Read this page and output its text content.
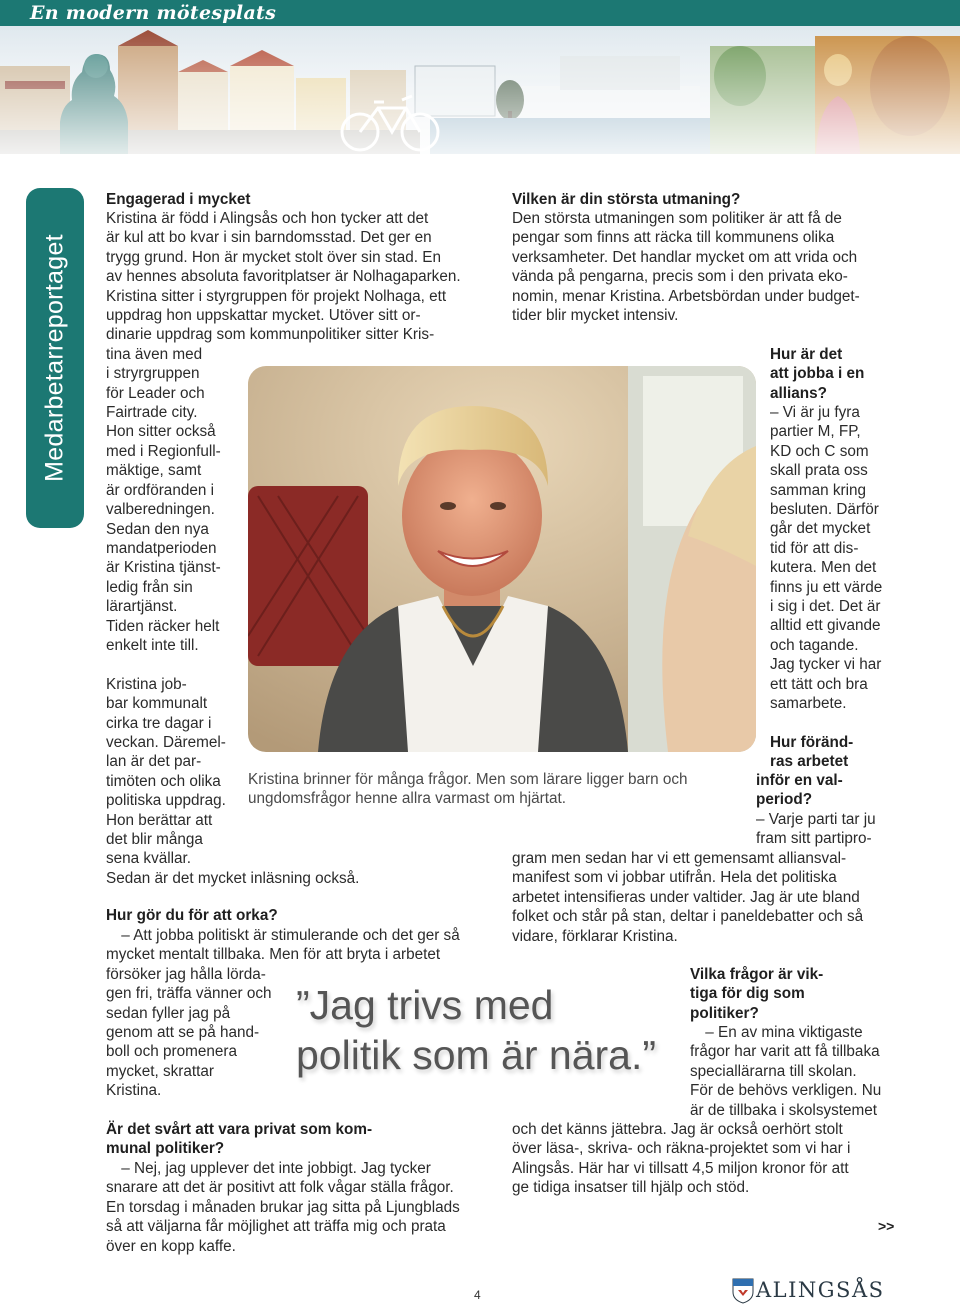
En modern mötesplats
Medarbetarreportaget
Engagerad i mycket
Kristina är född i Alingsås och hon tycker att det
är kul att bo kvar i sin barndomsstad. Det ger en
trygg grund. Hon är mycket stolt över sin stad. En
av hennes absoluta favoritplatser är Nolhagaparken.
Kristina sitter i styrgruppen för projekt Nolhaga, ett
uppdrag hon uppskattar mycket. Utöver sitt or-
dinarie uppdrag som kommunpolitiker sitter Kris-
tina även med
i stryrgruppen
för Leader och
Fairtrade city.
Hon sitter också
med i Regionfull-
mäktige, samt
är ordföranden i
valberedningen.
Sedan den nya
mandatperioden
är Kristina tjänst-
ledig från sin
lärartjänst.
Tiden räcker helt
enkelt inte till.
Kristina job-
bar kommunalt
cirka tre dagar i
veckan. Däremel-
lan är det par-
timöten och olika
politiska uppdrag.
Hon berättar att
det blir många
sena kvällar.
Sedan är det mycket inläsning också.
Hur gör du för att orka?
 – Att jobba politiskt är stimulerande och det ger så
mycket mentalt tillbaka. Men för att bryta i arbetet
försöker jag hålla lörda-
gen fri, träffa vänner och
sedan fyller jag på
genom att se på hand-
boll och promenera
mycket, skrattar
Kristina.
Är det svårt att vara privat som kom-
munal politiker?
 – Nej, jag upplever det inte jobbigt. Jag tycker
snarare att det är positivt att folk vågar ställa frågor.
En torsdag i månaden brukar jag sitta på Ljungblads
så att väljarna får möjlighet att träffa mig och prata
över en kopp kaffe.
Kristina brinner för många frågor. Men som lärare ligger barn och
ungdomsfrågor henne allra varmast om hjärtat.
”Jag trivs med
politik som är nära.”
Vilken är din största utmaning?
Den största utmaningen som politiker är att få de
pengar som finns att räcka till kommunens olika
verksamheter. Det handlar mycket om att vrida och
vända på pengarna, precis som i den privata eko-
nomin, menar Kristina. Arbetsbördan under budget-
tider blir mycket intensiv.
Hur är det
att jobba i en
allians?
– Vi är ju fyra
partier M, FP,
KD och C som
skall prata oss
samman kring
besluten. Därför
går det mycket
tid för att dis-
kutera. Men det
finns ju ett värde
i sig i det. Det är
alltid ett givande
och tagande.
Jag tycker vi har
ett tätt och bra
samarbete.
Hur föränd-
ras arbetet
inför en val-
period?
– Varje parti tar ju
fram sitt partipro-
gram men sedan har vi ett gemensamt alliansval-
manifest som vi jobbar utifrån. Hela det politiska
arbetet intensifieras under valtider. Jag är ute bland
folket och står på stan, deltar i paneldebatter och så
vidare, förklarar Kristina.
Vilka frågor är vik-
tiga för dig som
politiker?
 – En av mina viktigaste
frågor har varit att få tillbaka
speciallärarna till skolan.
För de behövs verkligen. Nu
är de tillbaka i skolsystemet
och det känns jättebra. Jag är också oerhört stolt
över läsa-, skriva- och räkna-projektet som vi har i
Alingsås. Här har vi tillsatt 4,5 miljon kronor för att
ge tidiga insatser till hjälp och stöd.
>>
4	ALINGSÅS
